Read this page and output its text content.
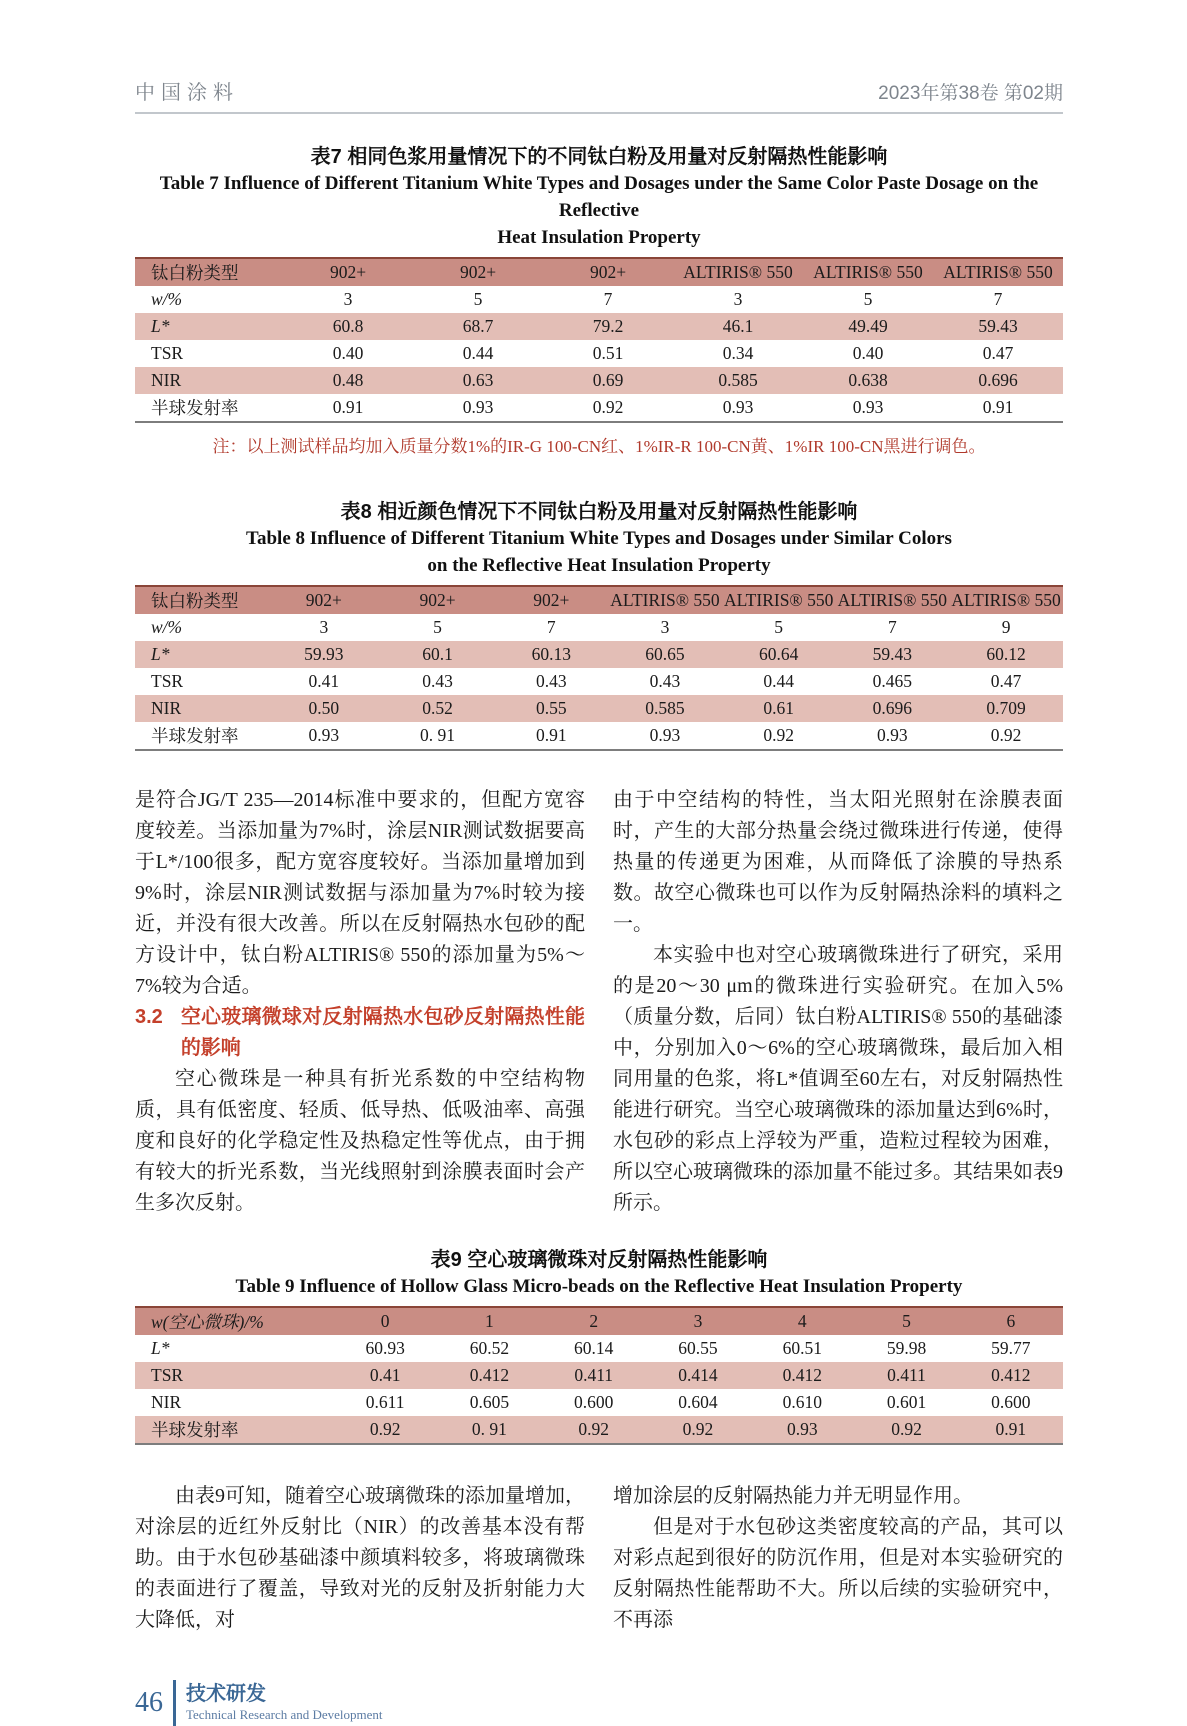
中国涂料	2023年第38卷 第02期
表7 相同色浆用量情况下的不同钛白粉及用量对反射隔热性能影响
Table 7 Influence of Different Titanium White Types and Dosages under the Same Color Paste Dosage on the Reflective
Heat Insulation Property
钛白粉类型	902+	902+	902+	ALTIRIS® 550	ALTIRIS® 550	ALTIRIS® 550
w/%	3	5	7	3	5	7
L*	60.8	68.7	79.2	46.1	49.49	59.43
TSR	0.40	0.44	0.51	0.34	0.40	0.47
NIR	0.48	0.63	0.69	0.585	0.638	0.696
半球发射率	0.91	0.93	0.92	0.93	0.93	0.91
注：以上测试样品均加入质量分数1%的IR-G 100-CN红、1%IR-R 100-CN黄、1%IR 100-CN黑进行调色。
表8 相近颜色情况下不同钛白粉及用量对反射隔热性能影响
Table 8 Influence of Different Titanium White Types and Dosages under Similar Colors
on the Reflective Heat Insulation Property
钛白粉类型	902+	902+	902+	ALTIRIS® 550	ALTIRIS® 550	ALTIRIS® 550	ALTIRIS® 550
w/%	3	5	7	3	5	7	9
L*	59.93	60.1	60.13	60.65	60.64	59.43	60.12
TSR	0.41	0.43	0.43	0.43	0.44	0.465	0.47
NIR	0.50	0.52	0.55	0.585	0.61	0.696	0.709
半球发射率	0.93	0. 91	0.91	0.93	0.92	0.93	0.92

是符合JG/T 235—2014标准中要求的，但配方宽容度较差。当添加量为7%时，涂层NIR测试数据要高于L*/100很多，配方宽容度较好。当添加量增加到9%时，涂层NIR测试数据与添加量为7%时较为接近，并没有很大改善。所以在反射隔热水包砂的配方设计中，钛白粉ALTIRIS® 550的添加量为5%～7%较为合适。

3.2 空心玻璃微球对反射隔热水包砂反射隔热性能的影响

空心微珠是一种具有折光系数的中空结构物质，具有低密度、轻质、低导热、低吸油率、高强度和良好的化学稳定性及热稳定性等优点，由于拥有较大的折光系数，当光线照射到涂膜表面时会产生多次反射。

由于中空结构的特性，当太阳光照射在涂膜表面时，产生的大部分热量会绕过微珠进行传递，使得热量的传递更为困难，从而降低了涂膜的导热系数。故空心微珠也可以作为反射隔热涂料的填料之一。

本实验中也对空心玻璃微珠进行了研究，采用的是20～30 μm的微珠进行实验研究。在加入5%（质量分数，后同）钛白粉ALTIRIS® 550的基础漆中，分别加入0～6%的空心玻璃微珠，最后加入相同用量的色浆，将L*值调至60左右，对反射隔热性能进行研究。当空心玻璃微珠的添加量达到6%时，水包砂的彩点上浮较为严重，造粒过程较为困难，所以空心玻璃微珠的添加量不能过多。其结果如表9所示。

表9 空心玻璃微珠对反射隔热性能影响
Table 9 Influence of Hollow Glass Micro-beads on the Reflective Heat Insulation Property
w(空心微珠)/%	0	1	2	3	4	5	6
L*	60.93	60.52	60.14	60.55	60.51	59.98	59.77
TSR	0.41	0.412	0.411	0.414	0.412	0.411	0.412
NIR	0.611	0.605	0.600	0.604	0.610	0.601	0.600
半球发射率	0.92	0. 91	0.92	0.92	0.93	0.92	0.91

由表9可知，随着空心玻璃微珠的添加量增加，对涂层的近红外反射比（NIR）的改善基本没有帮助。由于水包砂基础漆中颜填料较多，将玻璃微珠的表面进行了覆盖，导致对光的反射及折射能力大大降低，对

增加涂层的反射隔热能力并无明显作用。

但是对于水包砂这类密度较高的产品，其可以对彩点起到很好的防沉作用，但是对本实验研究的反射隔热性能帮助不大。所以后续的实验研究中，不再添

46 技术研发
Technical Research and Development
